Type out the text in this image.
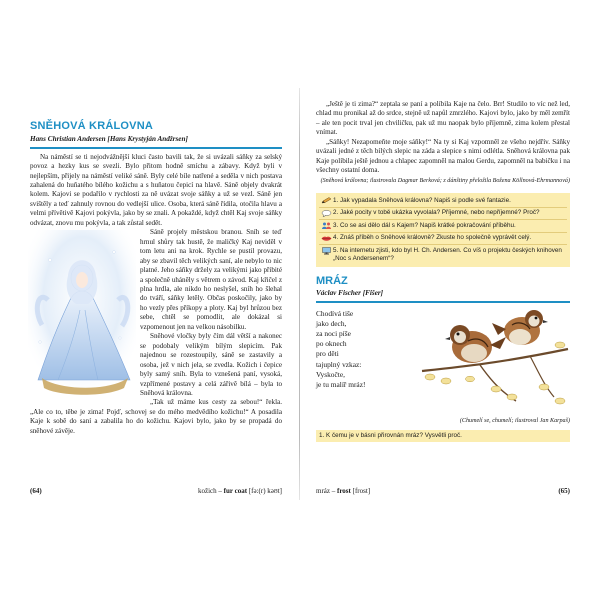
SNĚHOVÁ KRÁLOVNA
Hans Christian Andersen [Hans Krystyján Andžrsen]

Na náměstí se ti nejodvážnější kluci často bavili tak, že si uvázali sáňky za selský povoz a hezky kus se svezli. Bylo přitom hodně smíchu a zábavy. Když byli v nejlepším, přijely na náměstí veliké sáně. Byly celé bíle natřené a seděla v nich postava zahalená do huňatého bílého kožichu a s huňatou čepicí na hlavě. Sáně objely dvakrát kolem. Kajovi se podařilo v rychlosti za ně uvázat svoje sáňky a už se vezl. Sáně jen svištěly a teď zahnuly rovnou do vedlejší ulice. Osoba, která sáně řídila, otočila hlavu a velmi přívětivě Kajovi pokývla, jako by se znali. A pokaždé, když chtěl Kaj svoje sáňky odvázat, znovu mu pokývla, a tak zůstal sedět.

Sáně projely městskou branou. Sníh se teď hrnul shůry tak hustě, že maličký Kaj neviděl v tom letu ani na krok. Rychle se pustil provazu, aby se zbavil těch velikých saní, ale nebylo to nic platné. Jeho sáňky držely za velikými jako přibité a společně uháněly s větrem o závod. Kaj křičel z plna hrdla, ale nikdo ho neslyšel, sníh ho šlehal do tváří, sáňky letěly. Občas poskočily, jako by ho vezly přes příkopy a ploty. Kaj byl hrůzou bez sebe, chtěl se pomodlit, ale dokázal si vzpomenout jen na velkou násobilku.

Sněhové vločky byly čím dál větší a nakonec se podobaly velikým bílým slepicím. Pak najednou se rozestoupily, sáně se zastavily a osoba, jež v nich jela, se zvedla. Kožich i čepice byly samý sníh. Byla to vznešená paní, vysoká, vzpřímené postavy a celá zářivě bílá – byla to Sněhová královna.

„Tak už máme kus cesty za sebou!“ řekla. „Ale co to, těbe je zima! Pojď, schovej se do mého medvědího kožichu!“ A posadila Kaje k sobě do saní a zabalila ho do kožichu. Kajovi bylo, jako by se propadá do sněhové závěje.

(64)	kožich – fur coat [fə:(r) kəʊt]

„Ještě je ti zima?“ zeptala se paní a políbila Kaje na čelo. Brr! Studilo to víc než led, chlad mu pronikal až do srdce, stejně už napůl zmrzlého. Kajovi bylo, jako by měl zemřít – ale ten pocit trval jen chviličku, pak už mu naopak bylo příjemně, zima kolem přestal vnímat.

„Sáňky! Nezapomeňte moje sáňky!“ Na ty si Kaj vzpomněl ze všeho nejdřív. Sáňky uvázali jedné z těch bílých slepic na záda a slepice s nimi odlétla. Sněhová královna pak Kaje políbila ještě jednou a chlapec zapomněl na malou Gerdu, zapomněl na babičku i na všechny ostatní doma.

(Sněhová královna; ilustrovala Dagmar Berková; z dánštiny přeložila Božena Köllnová-Ehrmannová)
1. Jak vypadala Sněhová královna? Napiš si podle své fantazie.
2. Jaké pocity v tobě ukázka vyvolala? Příjemné, nebo nepříjemné? Proč?
3. Co se asi dělo dál s Kajem? Napiš krátké pokračování příběhu.
4. Znáš příběh o Sněhové královně? Zkuste ho společně vyprávět celý.
5. Na internetu zjisti, kdo byl H. Ch. Andersen. Co víš o projektu českých knihoven „Noc s Andersenem“?
MRÁZ
Václav Fischer [Fišer]
Chodívá tiše
jako dech,
za noci píše
po oknech
pro děti
tajuplný vzkaz:
Vyskočte,
je tu malíř mráz!
(Chumelí se, chumelí; ilustroval Jan Karpaš)
1. K čemu je v básni přirovnán mráz? Vysvětli proč.
mráz – frost [frost]	(65)
